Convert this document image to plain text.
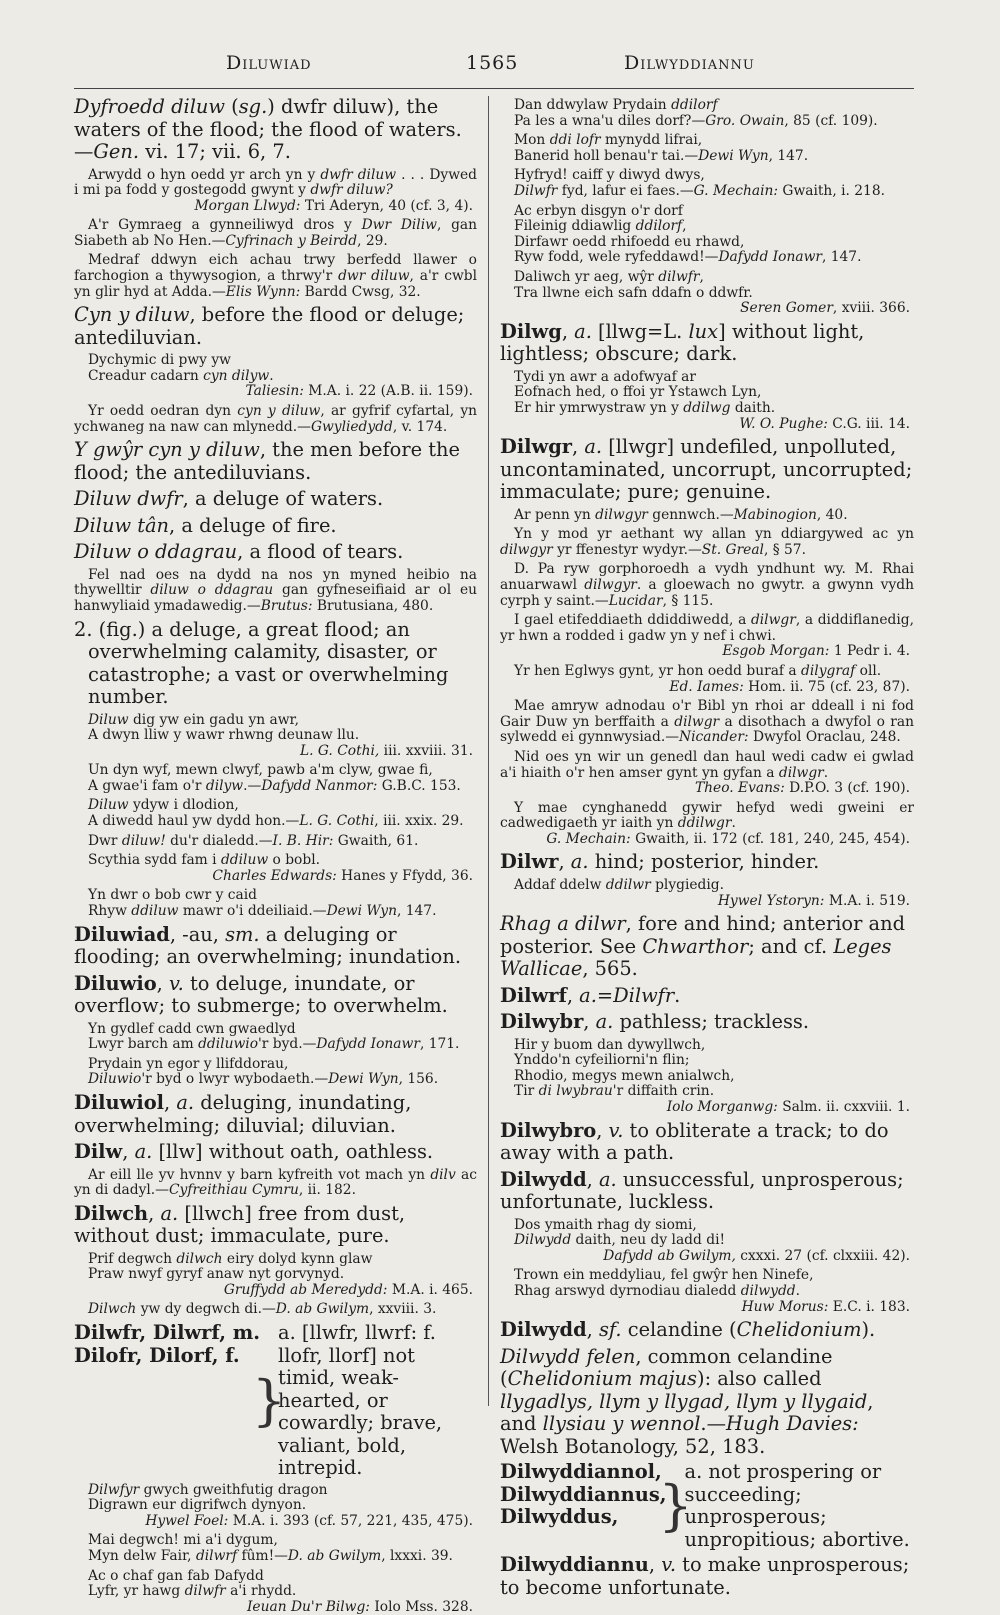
Diluwiad	1565	Dilwyddiannu

Dyfroedd diluw (sg.) dwfr diluw), the waters of the flood; the flood of waters.—Gen. vi. 17; vii. 6, 7.

Arwydd o hyn oedd yr arch yn y dwfr diluw . . . Dywed i mi pa fodd y gostegodd gwynt y dwfr diluw?
Morgan Llwyd: Tri Aderyn, 40 (cf. 3, 4).
A'r Gymraeg a gynneiliwyd dros y Dwr Diliw, gan Siabeth ab No Hen.—Cyfrinach y Beirdd, 29.
Medraf ddwyn eich achau trwy berfedd llawer o farchogion a thywysogion, a thrwy'r dwr diluw, a'r cwbl yn glir hyd at Adda.—Elis Wynn: Bardd Cwsg, 32.

Cyn y diluw, before the flood or deluge; antediluvian.

Dychymic di pwy yw
Creadur cadarn cyn dilyw.
Taliesin: M.A. i. 22 (A.B. ii. 159).
Yr oedd oedran dyn cyn y diluw, ar gyfrif cyfartal, yn ychwaneg na naw can mlynedd.—Gwyliedydd, v. 174.

Y gwŷr cyn y diluw, the men before the flood; the antediluvians.

Diluw dwfr, a deluge of waters.

Diluw tân, a deluge of fire.

Diluw o ddagrau, a flood of tears.

Fel nad oes na dydd na nos yn myned heibio na thywelltir diluw o ddagrau gan gyfneseifiaid ar ol eu hanwyliaid ymadawedig.—Brutus: Brutusiana, 480.

2. (fig.) a deluge, a great flood; an overwhelming calamity, disaster, or catastrophe; a vast or overwhelming number.

Diluw dig yw ein gadu yn awr,
A dwyn lliw y wawr rhwng deunaw llu.
L. G. Cothi, iii. xxviii. 31.
Un dyn wyf, mewn clwyf, pawb a'm clyw, gwae fi,
A gwae'i fam o'r dilyw.—Dafydd Nanmor: G.B.C. 153.
Diluw ydyw i dlodion,
A diwedd haul yw dydd hon.—L. G. Cothi, iii. xxix. 29.
Dwr diluw! du'r dialedd.—I. B. Hir: Gwaith, 61.
Scythia sydd fam i ddiluw o bobl.
Charles Edwards: Hanes y Ffydd, 36.
Yn dwr o bob cwr y caid
Rhyw ddiluw mawr o'i ddeiliaid.—Dewi Wyn, 147.

Diluwiad, -au, sm. a deluging or flooding; an overwhelming; inundation.

Diluwio, v. to deluge, inundate, or overflow; to submerge; to overwhelm.

Yn gydlef cadd cwn gwaedlyd
Lwyr barch am ddiluwio'r byd.—Dafydd Ionawr, 171.
Prydain yn egor y llifddorau,
Diluwio'r byd o lwyr wybodaeth.—Dewi Wyn, 156.

Diluwiol, a. deluging, inundating, overwhelming; diluvial; diluvian.

Dilw, a. [llw] without oath, oathless.

Ar eill lle yv hvnnv y barn kyfreith vot mach yn dilv ac yn di dadyl.—Cyfreithiau Cymru, ii. 182.

Dilwch, a. [llwch] free from dust, without dust; immaculate, pure.

Prif degwch dilwch eiry dolyd kynn glaw
Praw nwyf gyryf anaw nyt gorvynyd.
Gruffydd ab Meredydd: M.A. i. 465.
Dilwch yw dy degwch di.—D. ab Gwilym, xxviii. 3.
Dilwfr, Dilwrf, m.
Dilofr, Dilorf, f.
}
a. [llwfr, llwrf: f. llofr, llorf] not timid, weak-hearted, or cowardly; brave, valiant, bold, intrepid.
Dilwfyr gwych gweithfutig dragon
Digrawn eur digrifwch dynyon.
Hywel Foel: M.A. i. 393 (cf. 57, 221, 435, 475).
Mai degwch! mi a'i dygum,
Myn delw Fair, dilwrf fûm!—D. ab Gwilym, lxxxi. 39.
Ac o chaf gan fab Dafydd
Lyfr, yr hawg dilwfr a'i rhydd.
Ieuan Du'r Bilwg: Iolo Mss. 328.
Dan ddwylaw Prydain ddilorf
Pa les a wna'u diles dorf?—Gro. Owain, 85 (cf. 109).
Mon ddi lofr mynydd lifrai,
Banerid holl benau'r tai.—Dewi Wyn, 147.
Hyfryd! caiff y diwyd dwys,
Dilwfr fyd, lafur ei faes.—G. Mechain: Gwaith, i. 218.
Ac erbyn disgyn o'r dorf
Fileinig ddiawlig ddilorf,
Dirfawr oedd rhifoedd eu rhawd,
Ryw fodd, wele ryfeddawd!—Dafydd Ionawr, 147.
Daliwch yr aeg, wŷr dilwfr,
Tra llwne eich safn ddafn o ddwfr.
Seren Gomer, xviii. 366.

Dilwg, a. [llwg=L. lux] without light, lightless; obscure; dark.

Tydi yn awr a adofwyaf ar
Eofnach hed, o ffoi yr Ystawch Lyn,
Er hir ymrwystraw yn y ddilwg daith.
W. O. Pughe: C.G. iii. 14.

Dilwgr, a. [llwgr] undefiled, unpolluted, uncontaminated, uncorrupt, uncorrupted; immaculate; pure; genuine.

Ar penn yn dilwgyr gennwch.—Mabinogion, 40.
Yn y mod yr aethant wy allan yn ddiargywed ac yn dilwgyr yr ffenestyr wydyr.—St. Greal, § 57.
D. Pa ryw gorphoroedh a vydh yndhunt wy. M. Rhai anuarwawl dilwgyr. a gloewach no gwytr. a gwynn vydh cyrph y saint.—Lucidar, § 115.
I gael etifeddiaeth ddiddiwedd, a dilwgr, a diddiflanedig, yr hwn a rodded i gadw yn y nef i chwi.
Esgob Morgan: 1 Pedr i. 4.
Yr hen Eglwys gynt, yr hon oedd buraf a dilygraf oll.
Ed. Iames: Hom. ii. 75 (cf. 23, 87).
Mae amryw adnodau o'r Bibl yn rhoi ar ddeall i ni fod Gair Duw yn berffaith a dilwgr a disothach a dwyfol o ran sylwedd ei gynnwysiad.—Nicander: Dwyfol Oraclau, 248.
Nid oes yn wir un genedl dan haul wedi cadw ei gwlad a'i hiaith o'r hen amser gynt yn gyfan a dilwgr.
Theo. Evans: D.P.O. 3 (cf. 190).
Y mae cynghanedd gywir hefyd wedi gweini er cadwedigaeth yr iaith yn ddilwgr.
G. Mechain: Gwaith, ii. 172 (cf. 181, 240, 245, 454).

Dilwr, a. hind; posterior, hinder.

Addaf ddelw ddilwr plygiedig.
Hywel Ystoryn: M.A. i. 519.

Rhag a dilwr, fore and hind; anterior and posterior. See Chwarthor; and cf. Leges Wallicae, 565.

Dilwrf, a.=Dilwfr.

Dilwybr, a. pathless; trackless.

Hir y buom dan dywyllwch,
Ynddo'n cyfeiliorni'n flin;
Rhodio, megys mewn anialwch,
Tir di lwybrau'r diffaith crin.
Iolo Morganwg: Salm. ii. cxxviii. 1.

Dilwybro, v. to obliterate a track; to do away with a path.

Dilwydd, a. unsuccessful, unprosperous; unfortunate, luckless.

Dos ymaith rhag dy siomi,
Dilwydd daith, neu dy ladd di!
Dafydd ab Gwilym, cxxxi. 27 (cf. clxxiii. 42).
Trown ein meddyliau, fel gwŷr hen Ninefe,
Rhag arswyd dyrnodiau dialedd dilwydd.
Huw Morus: E.C. i. 183.

Dilwydd, sf. celandine (Chelidonium).

Dilwydd felen, common celandine (Chelidonium majus): also called llygadlys, llym y llygad, llym y llygaid, and llysiau y wennol.—Hugh Davies: Welsh Botanology, 52, 183.

Dilwyddiannol,
Dilwyddiannus,
Dilwyddus, }
a. not prospering or succeeding; unprosperous; unpropitious; abortive.

Dilwyddiannu, v. to make unprosperous; to become unfortunate.
